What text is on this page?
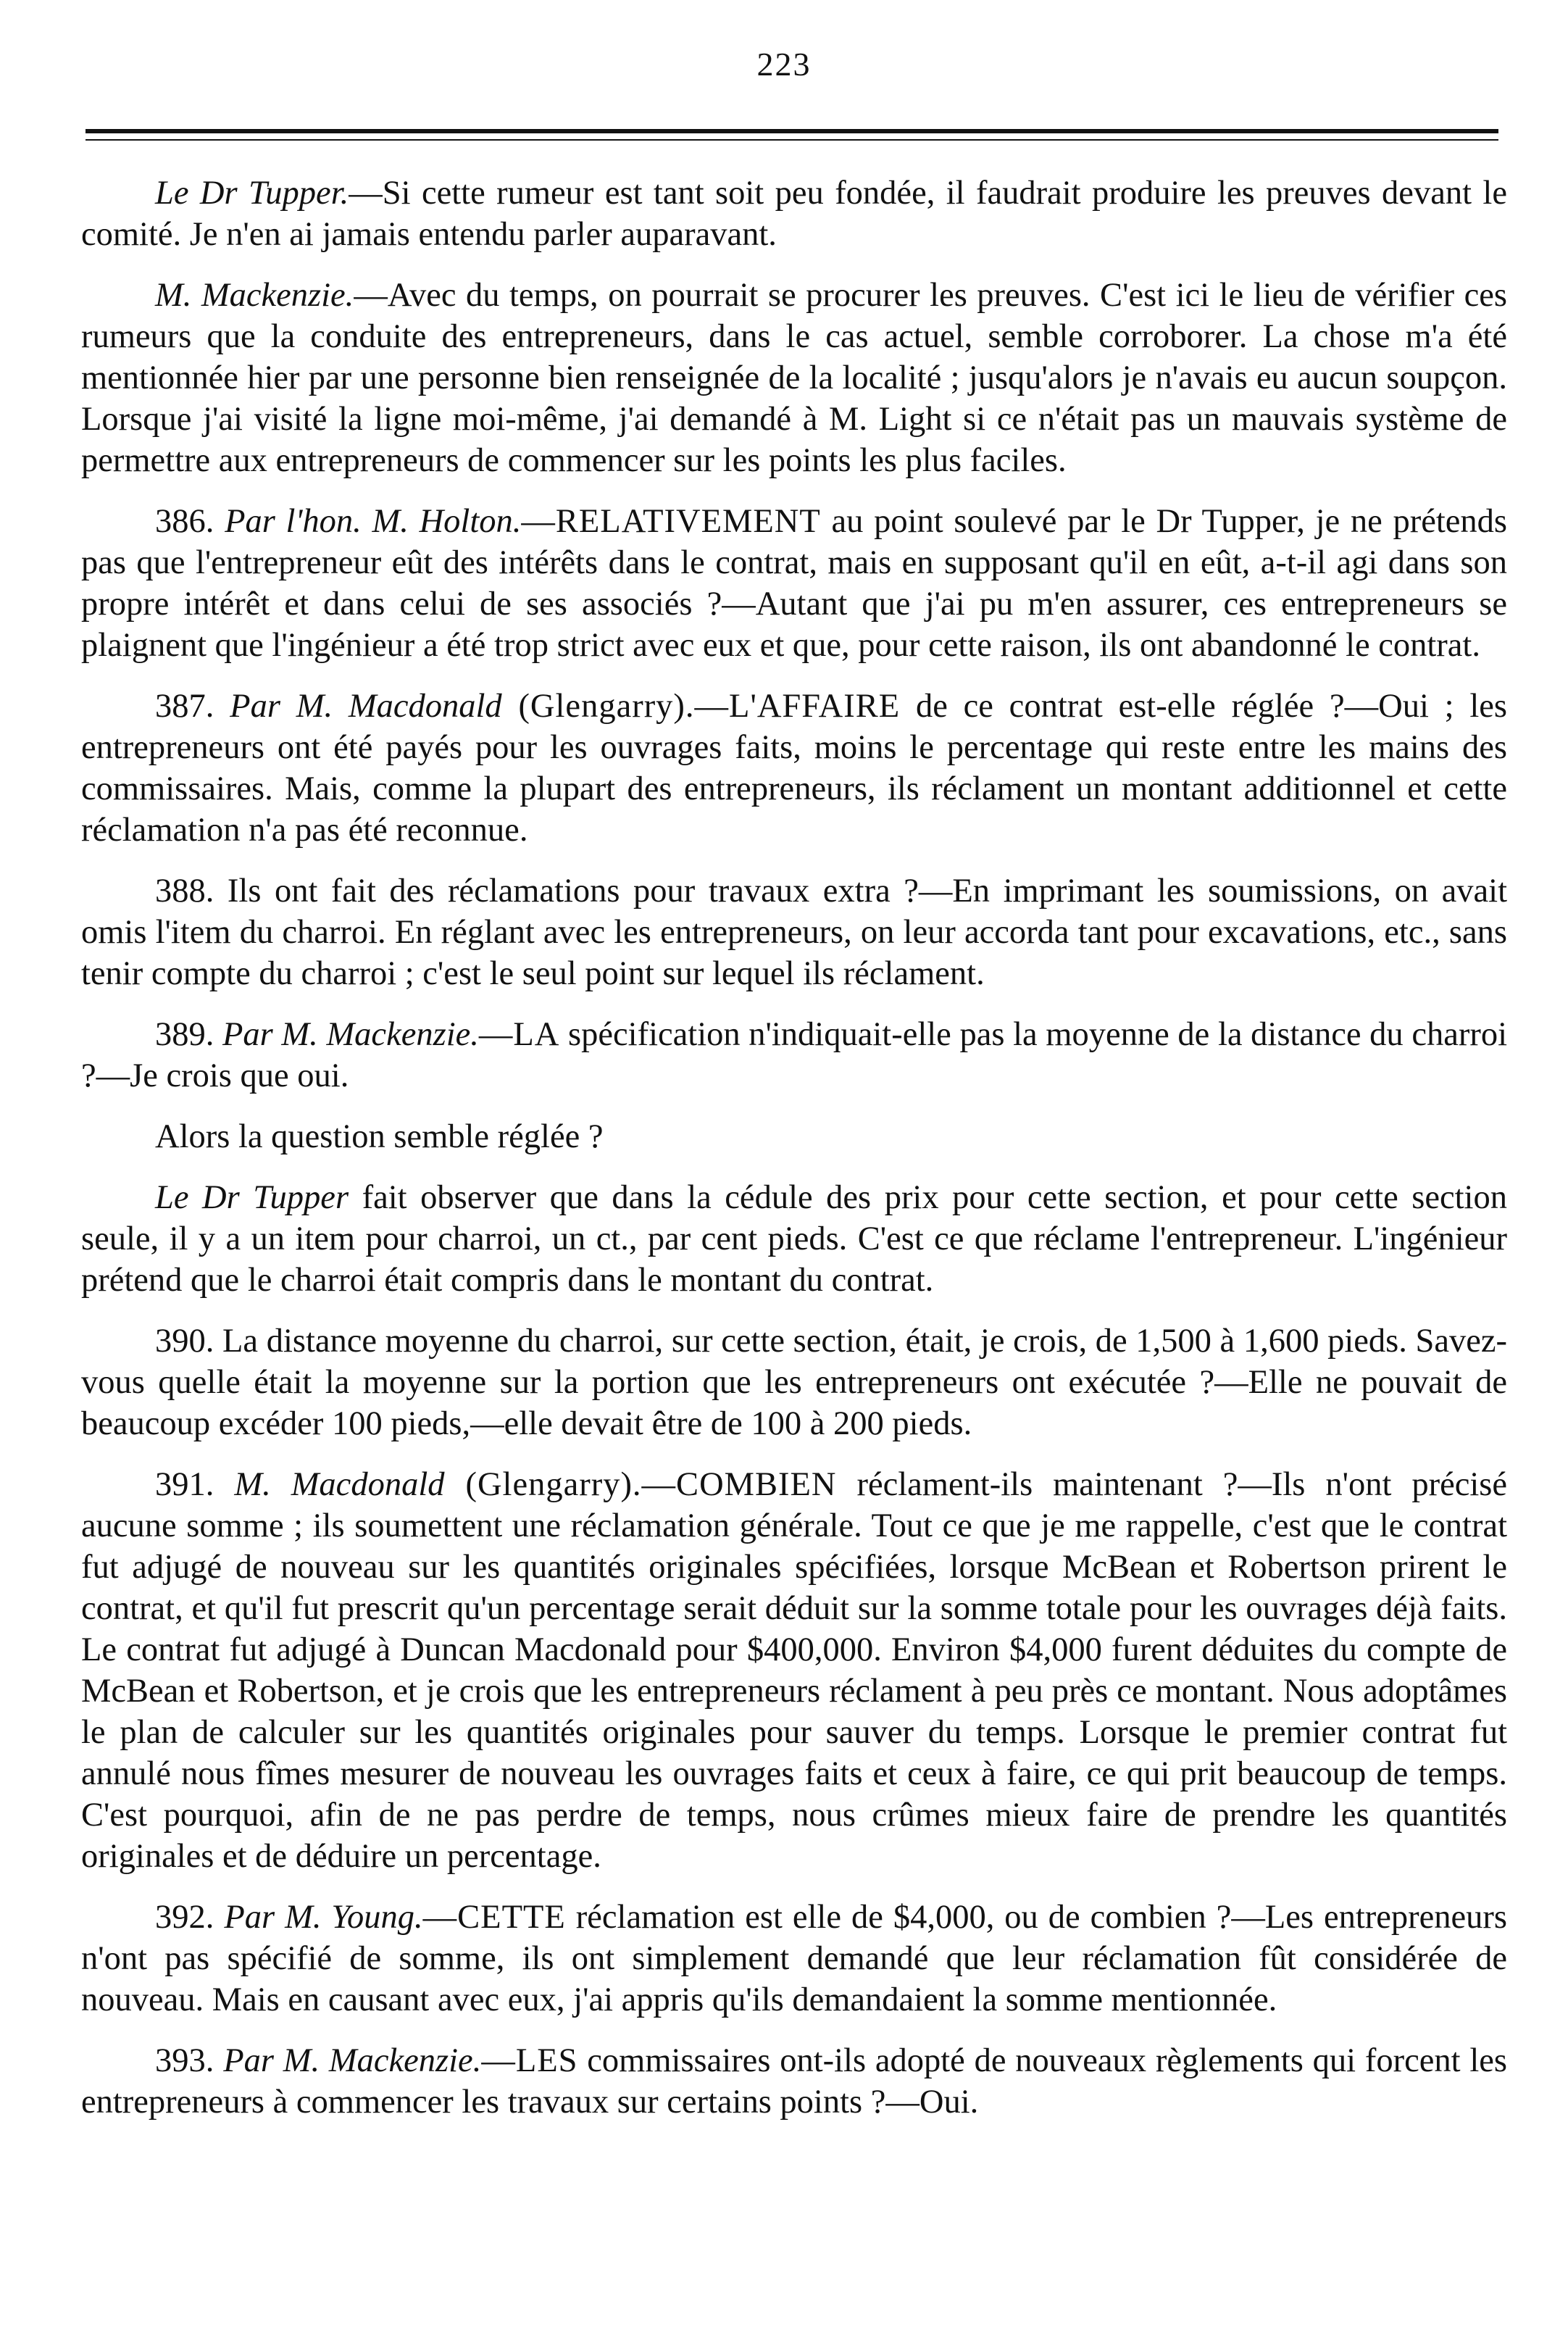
223

Le Dr Tupper.—Si cette rumeur est tant soit peu fondée, il faudrait produire les preuves devant le comité. Je n'en ai jamais entendu parler auparavant.

M. Mackenzie.—Avec du temps, on pourrait se procurer les preuves. C'est ici le lieu de vérifier ces rumeurs que la conduite des entrepreneurs, dans le cas actuel, semble corroborer. La chose m'a été mentionnée hier par une personne bien renseignée de la localité ; jusqu'alors je n'avais eu aucun soupçon. Lorsque j'ai visité la ligne moi-même, j'ai demandé à M. Light si ce n'était pas un mauvais système de permettre aux entrepreneurs de commencer sur les points les plus faciles.

386. Par l'hon. M. Holton.—RELATIVEMENT au point soulevé par le Dr Tupper, je ne prétends pas que l'entrepreneur eût des intérêts dans le contrat, mais en supposant qu'il en eût, a-t-il agi dans son propre intérêt et dans celui de ses associés ?—Autant que j'ai pu m'en assurer, ces entrepreneurs se plaignent que l'ingénieur a été trop strict avec eux et que, pour cette raison, ils ont abandonné le contrat.

387. Par M. Macdonald (Glengarry).—L'AFFAIRE de ce contrat est-elle réglée ?—Oui ; les entrepreneurs ont été payés pour les ouvrages faits, moins le percentage qui reste entre les mains des commissaires. Mais, comme la plupart des entrepreneurs, ils réclament un montant additionnel et cette réclamation n'a pas été reconnue.

388. Ils ont fait des réclamations pour travaux extra ?—En imprimant les soumissions, on avait omis l'item du charroi. En réglant avec les entrepreneurs, on leur accorda tant pour excavations, etc., sans tenir compte du charroi ; c'est le seul point sur lequel ils réclament.

389. Par M. Mackenzie.—LA spécification n'indiquait-elle pas la moyenne de la distance du charroi ?—Je crois que oui.

Alors la question semble réglée ?

Le Dr Tupper fait observer que dans la cédule des prix pour cette section, et pour cette section seule, il y a un item pour charroi, un ct., par cent pieds. C'est ce que réclame l'entrepreneur. L'ingénieur prétend que le charroi était compris dans le montant du contrat.

390. La distance moyenne du charroi, sur cette section, était, je crois, de 1,500 à 1,600 pieds. Savez-vous quelle était la moyenne sur la portion que les entrepreneurs ont exécutée ?—Elle ne pouvait de beaucoup excéder 100 pieds,—elle devait être de 100 à 200 pieds.

391. M. Macdonald (Glengarry).—COMBIEN réclament-ils maintenant ?—Ils n'ont précisé aucune somme ; ils soumettent une réclamation générale. Tout ce que je me rappelle, c'est que le contrat fut adjugé de nouveau sur les quantités originales spécifiées, lorsque McBean et Robertson prirent le contrat, et qu'il fut prescrit qu'un percentage serait déduit sur la somme totale pour les ouvrages déjà faits. Le contrat fut adjugé à Duncan Macdonald pour $400,000. Environ $4,000 furent déduites du compte de McBean et Robertson, et je crois que les entrepreneurs réclament à peu près ce montant. Nous adoptâmes le plan de calculer sur les quantités originales pour sauver du temps. Lorsque le premier contrat fut annulé nous fîmes mesurer de nouveau les ouvrages faits et ceux à faire, ce qui prit beaucoup de temps. C'est pourquoi, afin de ne pas perdre de temps, nous crûmes mieux faire de prendre les quantités originales et de déduire un percentage.

392. Par M. Young.—CETTE réclamation est elle de $4,000, ou de combien ?—Les entrepreneurs n'ont pas spécifié de somme, ils ont simplement demandé que leur réclamation fût considérée de nouveau. Mais en causant avec eux, j'ai appris qu'ils demandaient la somme mentionnée.

393. Par M. Mackenzie.—LES commissaires ont-ils adopté de nouveaux règlements qui forcent les entrepreneurs à commencer les travaux sur certains points ?—Oui.
